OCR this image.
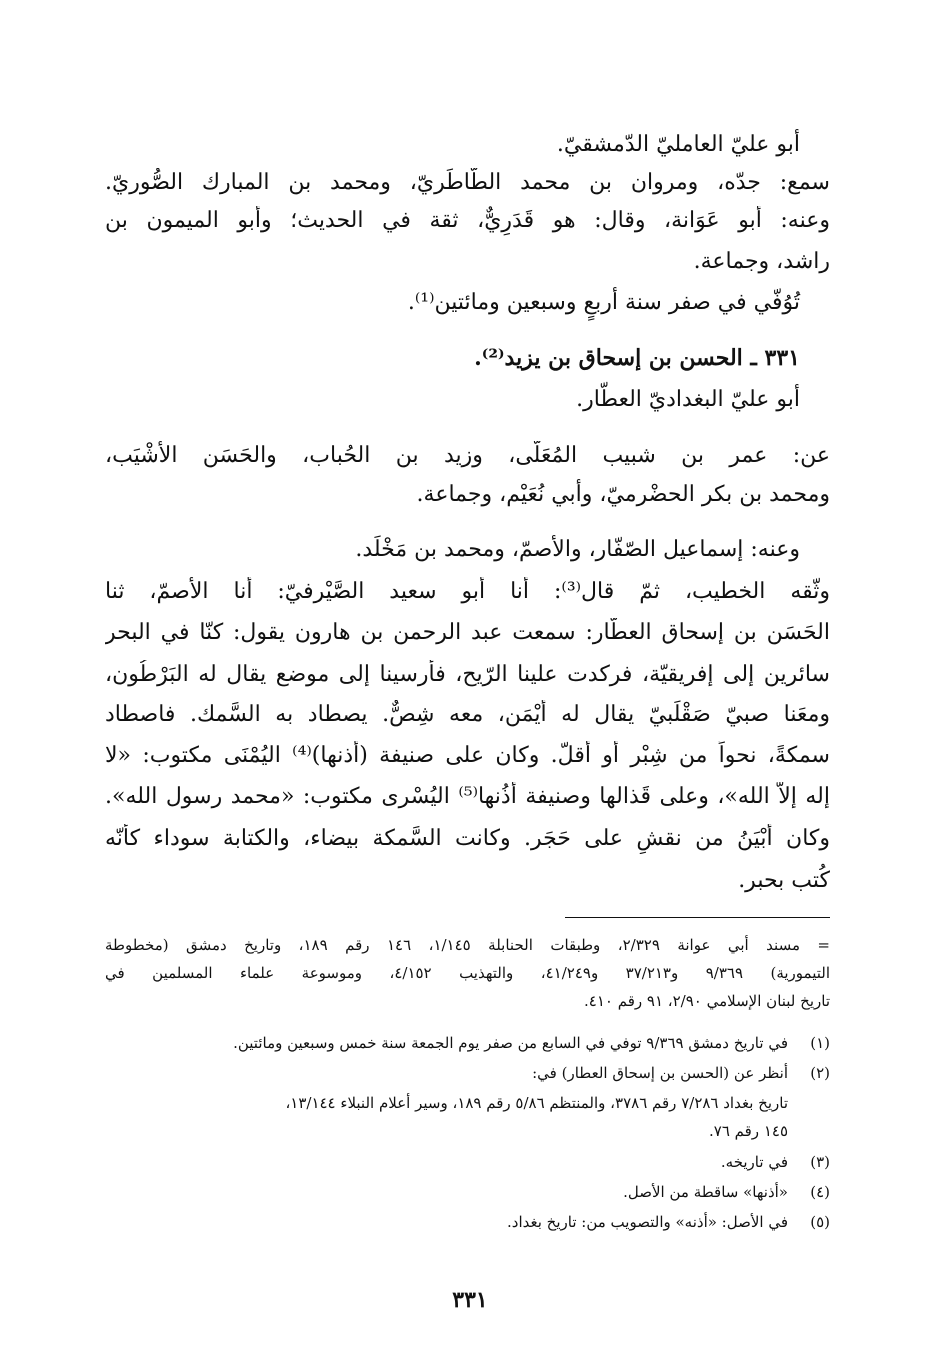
أبو عليّ العامليّ الدّمشقيّ.
سمع: جدّه، ومروان بن محمد الطّاطَريّ، ومحمد بن المبارك الصُّوريّ.
وعنه: أبو عَوَانة، وقال: هو قَدَرِيٌّ، ثقة في الحديث؛ وأبو الميمون بن
راشد، وجماعة.
تُوُفّي في صفر سنة أربعٍ وسبعين ومائتين⁽¹⁾.
٣٣١ ـ الحسن بن إسحاق بن يزيد⁽²⁾.
أبو عليّ البغداديّ العطّار.
عن: عمر بن شبيب المُعَلَّى، وزيد بن الحُباب، والحَسَن الأشْيَب،
ومحمد بن بكر الحضْرميّ، وأبي نُعَيْم، وجماعة.
وعنه: إسماعيل الصّفّار، والأصمّ، ومحمد بن مَخْلَد.
وثّقه الخطيب، ثمّ قال⁽³⁾: أنا أبو سعيد الصَّيْرفيّ: أنا الأصمّ، ثنا
الحَسَن بن إسحاق العطّار: سمعت عبد الرحمن بن هارون يقول: كنّا في البحر
سائرين إلى إفريقيّة، فركدت علينا الرّيح، فأرسينا إلى موضع يقال له البَرْطُون،
ومعَنا صبيّ صَقْلَبيّ يقال له أيْمَن، معه شِصٌّ. يصطاد به السَّمك. فاصطاد
سمكةً، نحواً من شِبْر أو أقلّ. وكان على صنيفة (أذنها)⁽⁴⁾ اليُمْنَى مكتوب: «لا
إله إلاّ الله»، وعلى قَذالها وصنيفة أُذُنها⁽⁵⁾ اليُسْرى مكتوب: «محمد رسول الله».
وكان أبْيَنُ من نقشٍ على حَجَر. وكانت السَّمكة بيضاء، والكتابة سوداء كأنّه
كُتب بحبر.
= مسند أبي عوانة ٢/٣٢٩، وطبقات الحنابلة ١/١٤٥، ١٤٦ رقم ١٨٩، وتاريخ دمشق (مخطوطة
التيمورية) ٩/٣٦٩ و٣٧/٢١٣ و٤١/٢٤٩، والتهذيب ٤/١٥٢، وموسوعة علماء المسلمين في
تاريخ لبنان الإسلامي ٢/٩٠، ٩١ رقم ٤١٠.
(١)
في تاريخ دمشق ٩/٣٦٩ توفي في السابع من صفر يوم الجمعة سنة خمس وسبعين ومائتين.
(٢)
أنظر عن (الحسن بن إسحاق العطار) في:
تاريخ بغداد ٧/٢٨٦ رقم ٣٧٨٦، والمنتظم ٥/٨٦ رقم ١٨٩، وسير أعلام النبلاء ١٣/١٤٤،
١٤٥ رقم ٧٦.
(٣)
في تاريخه.
(٤)
«أذنها» ساقطة من الأصل.
(٥)
في الأصل: «أذنه» والتصويب من: تاريخ بغداد.
٣٣١
